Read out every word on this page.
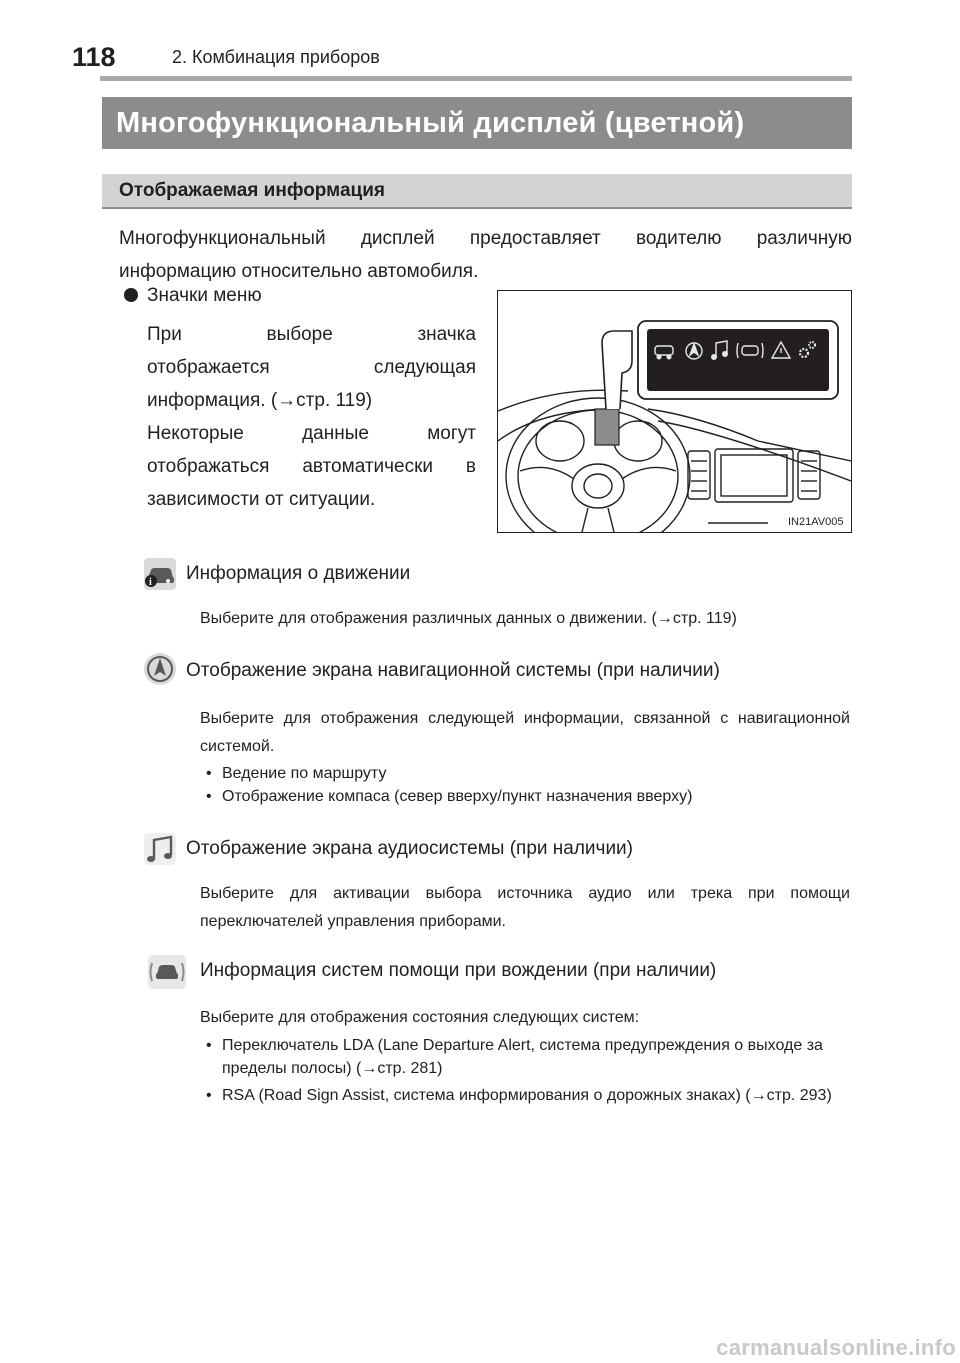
118	2. Комбинация приборов
Многофункциональный дисплей (цветной)
Отображаемая информация
Многофункциональный дисплей предоставляет водителю различную информацию относительно автомобиля.
Значки меню
При выборе значка
отображается следующая
информация. (→стр. 119)
Некоторые данные могут
отображаться автоматически в
зависимости от ситуации.
IN21AV005
i Информация о движении
Выберите для отображения различных данных о движении. (→стр. 119)
Отображение экрана навигационной системы (при наличии)
Выберите для отображения следующей информации, связанной с навигационной системой.
• Ведение по маршруту
• Отображение компаса (север вверху/пункт назначения вверху)
Отображение экрана аудиосистемы (при наличии)
Выберите для активации выбора источника аудио или трека при помощи переключателей управления приборами.
Информация систем помощи при вождении (при наличии)
Выберите для отображения состояния следующих систем:
• Переключатель LDA (Lane Departure Alert, система предупреждения о выходе за пределы полосы) (→стр. 281)
• RSA (Road Sign Assist, система информирования о дорожных знаках) (→стр. 293)
carmanualsonline.info
